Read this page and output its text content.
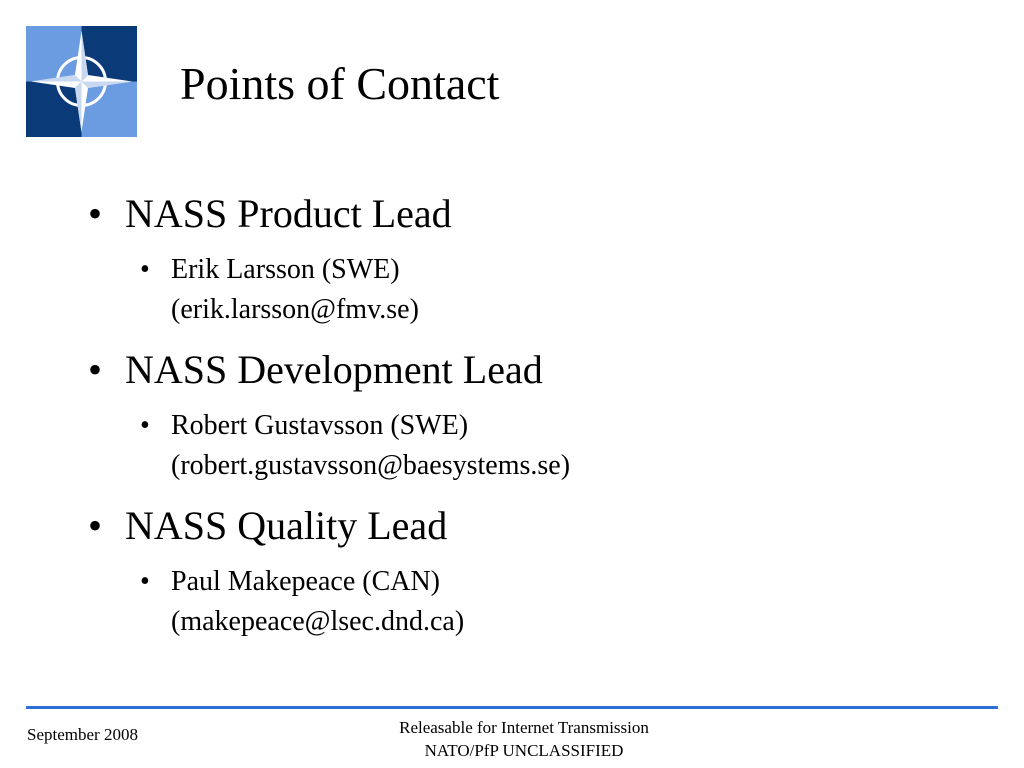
Points of Contact
• NASS Product Lead
• Erik Larsson (SWE)
(erik.larsson@fmv.se)
• NASS Development Lead
• Robert Gustavsson (SWE)
(robert.gustavsson@baesystems.se)
• NASS Quality Lead
• Paul Makepeace (CAN)
(makepeace@lsec.dnd.ca)
September 2008	Releasable for Internet Transmission
NATO/PfP UNCLASSIFIED
